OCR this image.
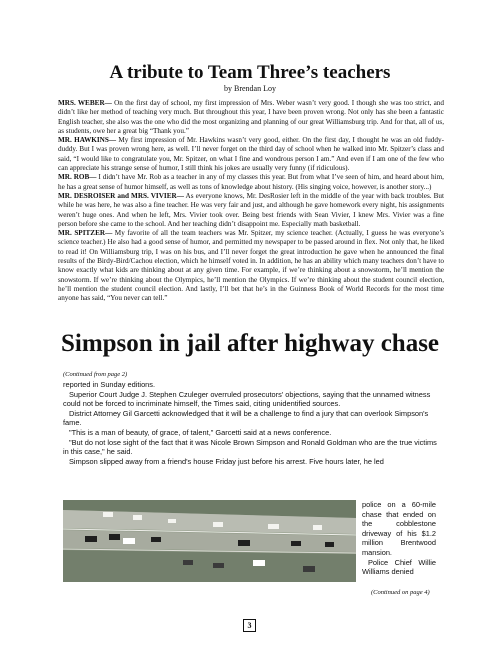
A tribute to Team Three’s teachers
by Brendan Loy

MRS. WEBER— On the first day of school, my first impression of Mrs. Weber wasn’t very good. I though she was too strict, and didn’t like her method of teaching very much. But throughout this year, I have been proven wrong. Not only has she been a fantastic English teacher, she also was the one who did the most organizing and planning of our great Williamsburg trip. And for that, all of us, as students, owe her a great big “Thank you.”

MR. HAWKINS— My first impression of Mr. Hawkins wasn’t very good, either. On the first day, I thought he was an old fuddy-duddy. But I was proven wrong here, as well. I’ll never forget on the third day of school when he walked into Mr. Spitzer’s class and said, “I would like to congratulate you, Mr. Spitzer, on what I fine and wondrous person I am.” And even if I am one of the few who can appreciate his strange sense of humor, I still think his jokes are usually very funny (if ridiculous).

MR. ROB— I didn’t have Mr. Rob as a teacher in any of my classes this year. But from what I’ve seen of him, and heard about him, he has a great sense of humor himself, as well as tons of knowledge about history. (His singing voice, however, is another story...)

MR. DESROISER and MRS. VIVIER— As everyone knows, Mr. DesRosier left in the middle of the year with back troubles. But while he was here, he was also a fine teacher. He was very fair and just, and although he gave homework every night, his assignments weren’t huge ones. And when he left, Mrs. Vivier took over. Being best friends with Sean Vivier, I knew Mrs. Vivier was a fine person before she came to the school. And her teaching didn’t disappoint me. Especially math basketball.

MR. SPITZER— My favorite of all the team teachers was Mr. Spitzer, my science teacher. (Actually, I guess he was everyone’s science teacher.) He also had a good sense of humor, and permitted my newspaper to be passed around in flex. Not only that, he liked to read it! On Williamsburg trip, I was on his bus, and I’ll never forget the great introduction he gave when he announced the final results of the Birdy-Bird/Cachou election, which he himself voted in. In addition, he has an ability which many teachers don’t have to know exactly what kids are thinking about at any given time. For example, if we’re thinking about a snowstorm, he’ll mention the snowstorm. If we’re thinking about the Olympics, he’ll mention the Olympics. If we’re thinking about the student council election, he’ll mention the student council election. And lastly, I’ll bet that he’s in the Guinness Book of World Records for the most time anyone has said, “You never can tell.”

Simpson in jail after highway chase
(Continued from page 2)

reported in Sunday editions.

Superior Court Judge J. Stephen Czuleger overruled prosecutors' objections, saying that the unnamed witness could not be forced to incriminate himself, the Times said, citing unidentified sources.

District Attorney Gil Garcetti acknowledged that it will be a challenge to find a jury that can overlook Simpson's fame.

"This is a man of beauty, of grace, of talent," Garcetti said at a news conference.

"But do not lose sight of the fact that it was Nicole Brown Simpson and Ronald Goldman who are the true victims in this case," he said.

Simpson slipped away from a friend's house Friday just before his arrest. Five hours later, he led

police on a 60-mile chase that ended on the cobblestone driveway of his $1.2 million Brentwood mansion.

Police Chief Willie Williams denied

(Continued on page 4)
3
